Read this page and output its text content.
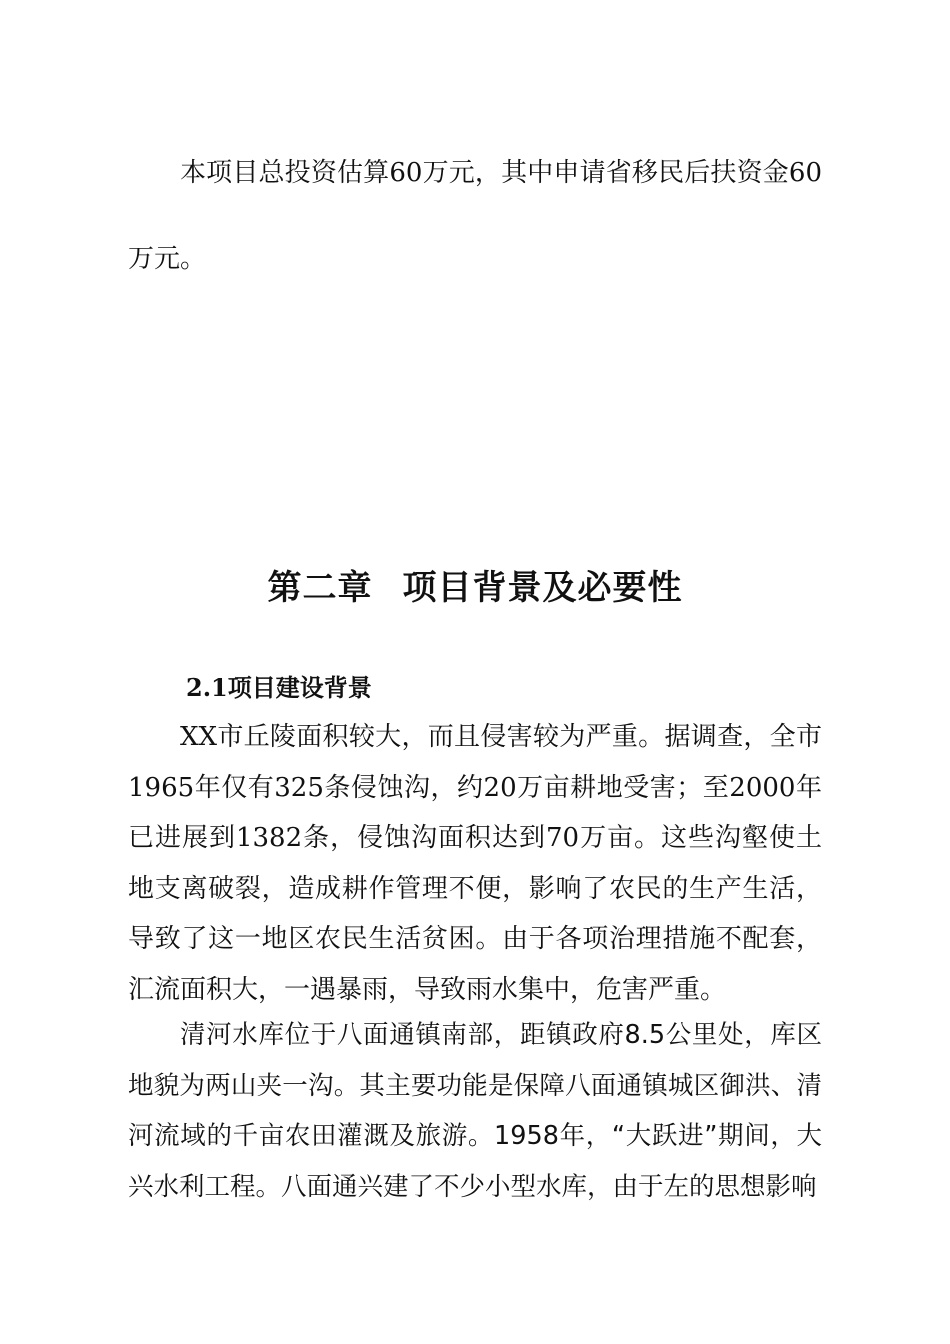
本项目总投资估算60万元，其中申请省移民后扶资金60万元。

第二章 项目背景及必要性
2.1项目建设背景

XX市丘陵面积较大，而且侵害较为严重。据调查，全市1965年仅有325条侵蚀沟，约20万亩耕地受害；至2000年已进展到1382条，侵蚀沟面积达到70万亩。这些沟壑使土地支离破裂，造成耕作管理不便，影响了农民的生产生活，导致了这一地区农民生活贫困。由于各项治理措施不配套，汇流面积大，一遇暴雨，导致雨水集中，危害严重。

清河水库位于八面通镇南部，距镇政府8.5公里处，库区地貌为两山夹一沟。其主要功能是保障八面通镇城区御洪、清河流域的千亩农田灌溉及旅游。1958年，“大跃进”期间，大兴水利工程。八面通兴建了不少小型水库，由于左的思想影响
